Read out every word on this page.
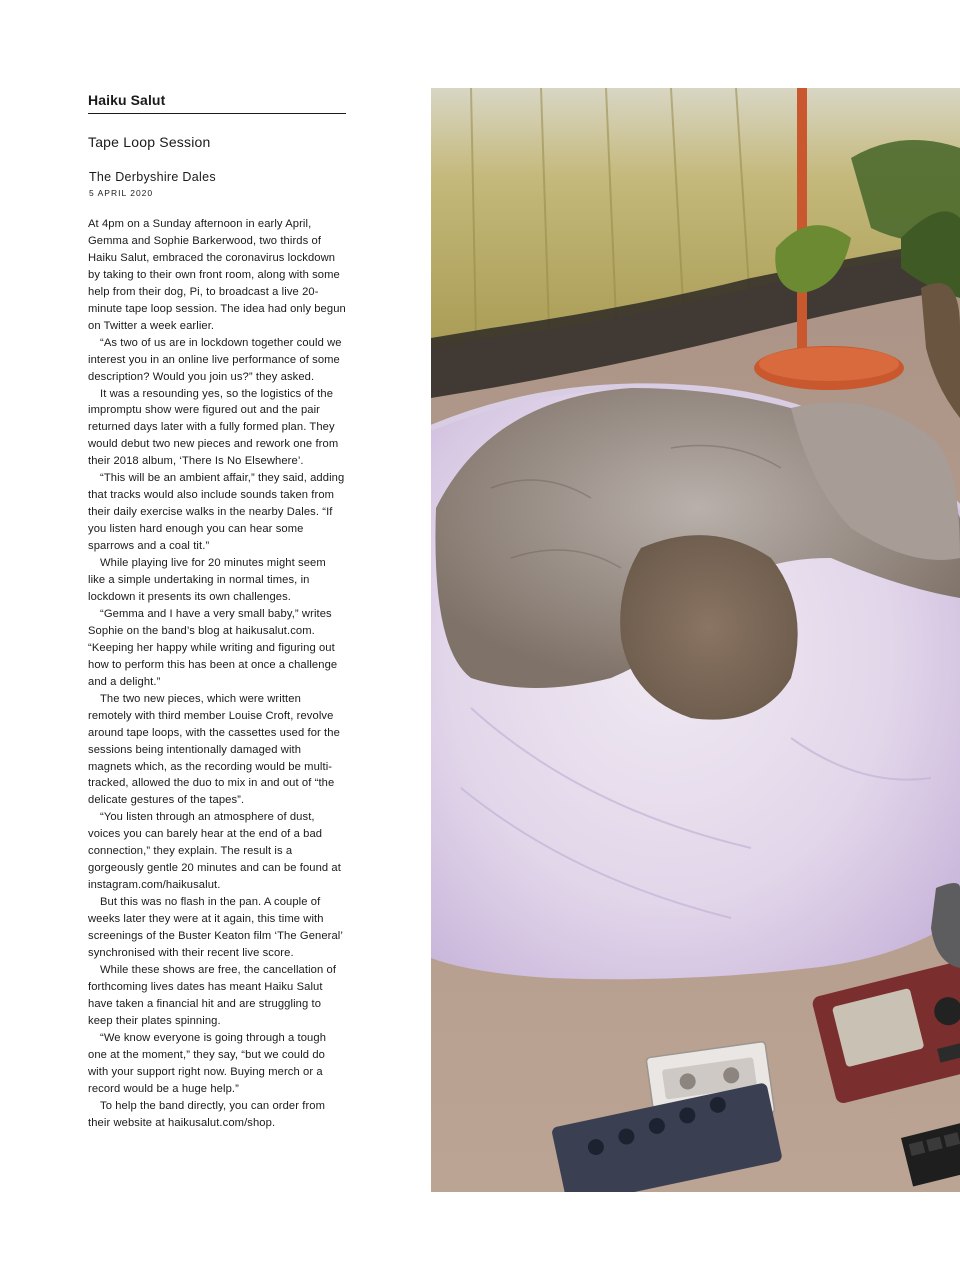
Haiku Salut
Tape Loop Session
The Derbyshire Dales
5 APRIL 2020

At 4pm on a Sunday afternoon in early April, Gemma and Sophie Barkerwood, two thirds of Haiku Salut, embraced the coronavirus lockdown by taking to their own front room, along with some help from their dog, Pi, to broadcast a live 20-minute tape loop session. The idea had only begun on Twitter a week earlier.

“As two of us are in lockdown together could we interest you in an online live performance of some description? Would you join us?” they asked.

It was a resounding yes, so the logistics of the impromptu show were figured out and the pair returned days later with a fully formed plan. They would debut two new pieces and rework one from their 2018 album, ‘There Is No Elsewhere’.

“This will be an ambient affair,” they said, adding that tracks would also include sounds taken from their daily exercise walks in the nearby Dales. “If you listen hard enough you can hear some sparrows and a coal tit.”

While playing live for 20 minutes might seem like a simple undertaking in normal times, in lockdown it presents its own challenges.

“Gemma and I have a very small baby,” writes Sophie on the band’s blog at haikusalut.com. “Keeping her happy while writing and figuring out how to perform this has been at once a challenge and a delight.”

The two new pieces, which were written remotely with third member Louise Croft, revolve around tape loops, with the cassettes used for the sessions being intentionally damaged with magnets which, as the recording would be multi-tracked, allowed the duo to mix in and out of “the delicate gestures of the tapes”.

“You listen through an atmosphere of dust, voices you can barely hear at the end of a bad connection,” they explain. The result is a gorgeously gentle 20 minutes and can be found at instagram.com/haikusalut.

But this was no flash in the pan. A couple of weeks later they were at it again, this time with screenings of the Buster Keaton film ‘The General’ synchronised with their recent live score.

While these shows are free, the cancellation of forthcoming lives dates has meant Haiku Salut have taken a financial hit and are struggling to keep their plates spinning.

“We know everyone is going through a tough one at the moment,” they say, “but we could do with your support right now. Buying merch or a record would be a huge help.”

To help the band directly, you can order from their website at haikusalut.com/shop.
